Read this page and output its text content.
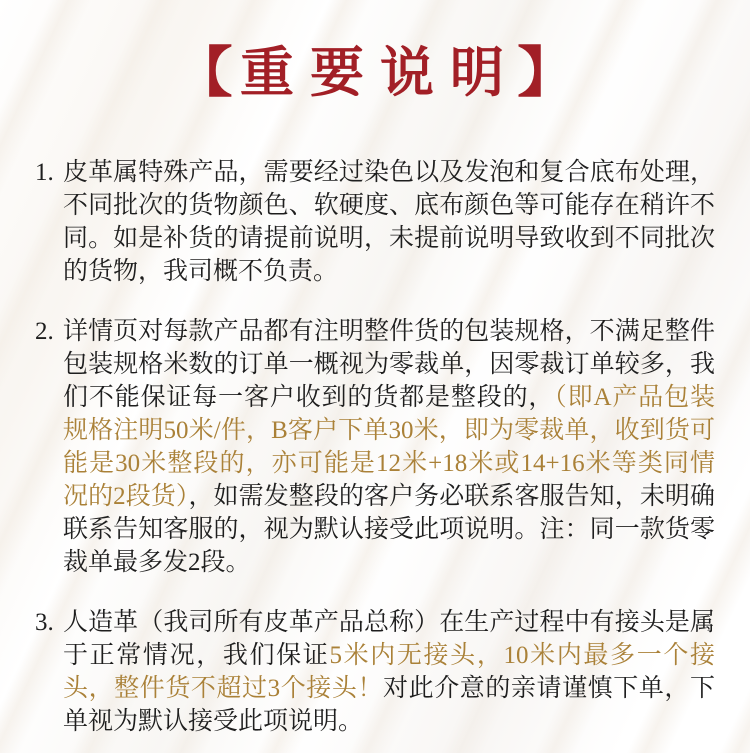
【 重要说明】
1. 皮革属特殊产品，需要经过染色以及发泡和复合底布处理，不同批次的货物颜色、软硬度、底布颜色等可能存在稍许不同。如是补货的请提前说明，未提前说明导致收到不同批次的货物，我司概不负责。
2. 详情页对每款产品都有注明整件货的包装规格，不满足整件包装规格米数的订单一概视为零裁单，因零裁订单较多，我们不能保证每一客户收到的货都是整段的，（即A产品包装规格注明50米/件，B客户下单30米，即为零裁单，收到货可能是30米整段的，亦可能是12米+18米或14+16米等类同情况的2段货），如需发整段的客户务必联系客服告知，未明确联系告知客服的，视为默认接受此项说明。注：同一款货零裁单最多发2段。
3. 人造革（我司所有皮革产品总称）在生产过程中有接头是属于正常情况，我们保证5米内无接头，10米内最多一个接头，整件货不超过3个接头！对此介意的亲请谨慎下单，下单视为默认接受此项说明。
